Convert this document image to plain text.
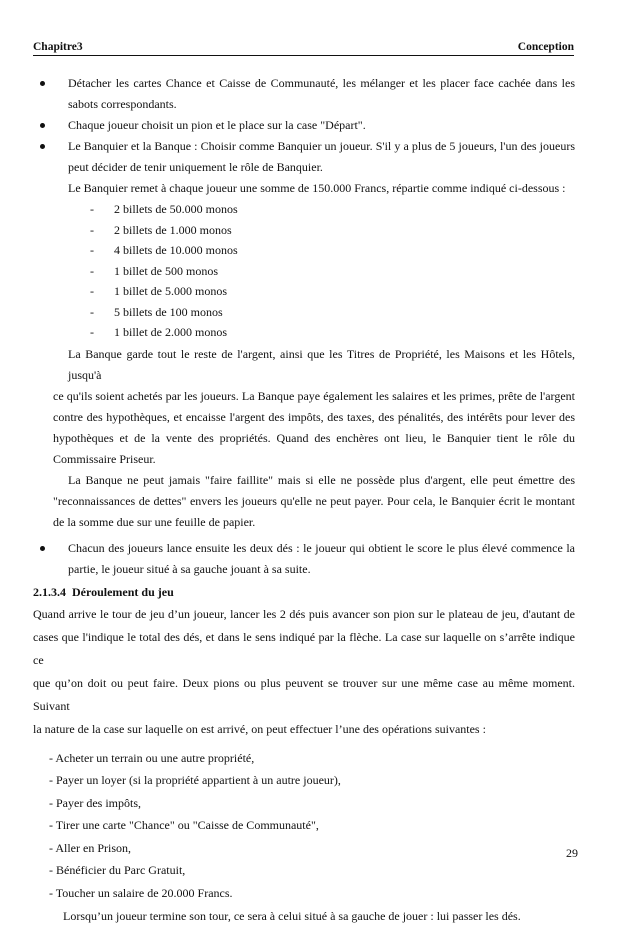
Chapitre3	Conception
Détacher les cartes Chance et Caisse de Communauté, les mélanger et les placer face cachée dans les
sabots correspondants.
Chaque joueur choisit un pion et le place sur la case "Départ".
Le Banquier et la Banque : Choisir comme Banquier un joueur. S'il y a plus de 5 joueurs, l'un des joueurs
peut décider de tenir uniquement le rôle de Banquier.
Le Banquier remet à chaque joueur une somme de 150.000 Francs, répartie comme indiqué ci-dessous :
- 2 billets de 50.000 monos
- 2 billets de 1.000 monos
- 4 billets de 10.000 monos
- 1 billet de 500 monos
- 1 billet de 5.000 monos
- 5 billets de 100 monos
- 1 billet de 2.000 monos
La Banque garde tout le reste de l'argent, ainsi que les Titres de Propriété, les Maisons et les Hôtels, jusqu'à
ce qu'ils soient achetés par les joueurs. La Banque paye également les salaires et les primes, prête de l'argent
contre des hypothèques, et encaisse l'argent des impôts, des taxes, des pénalités, des intérêts pour lever des
hypothèques et de la vente des propriétés. Quand des enchères ont lieu, le Banquier tient le rôle du
Commissaire Priseur.
La Banque ne peut jamais "faire faillite" mais si elle ne possède plus d'argent, elle peut émettre des
"reconnaissances de dettes" envers les joueurs qu'elle ne peut payer. Pour cela, le Banquier écrit le montant
de la somme due sur une feuille de papier.
Chacun des joueurs lance ensuite les deux dés : le joueur qui obtient le score le plus élevé commence la
partie, le joueur situé à sa gauche jouant à sa suite.
2.1.3.4 Déroulement du jeu
Quand arrive le tour de jeu d’un joueur, lancer les 2 dés puis avancer son pion sur le plateau de jeu, d'autant de
cases que l'indique le total des dés, et dans le sens indiqué par la flèche. La case sur laquelle on s’arrête indique ce
que qu’on doit ou peut faire. Deux pions ou plus peuvent se trouver sur une même case au même moment. Suivant
la nature de la case sur laquelle on est arrivé, on peut effectuer l’une des opérations suivantes :
- Acheter un terrain ou une autre propriété,
- Payer un loyer (si la propriété appartient à un autre joueur),
- Payer des impôts,
- Tirer une carte "Chance" ou "Caisse de Communauté",
- Aller en Prison,
- Bénéficier du Parc Gratuit,
- Toucher un salaire de 20.000 Francs.
Lorsqu’un joueur termine son tour, ce sera à celui situé à sa gauche de jouer : lui passer les dés.
29
